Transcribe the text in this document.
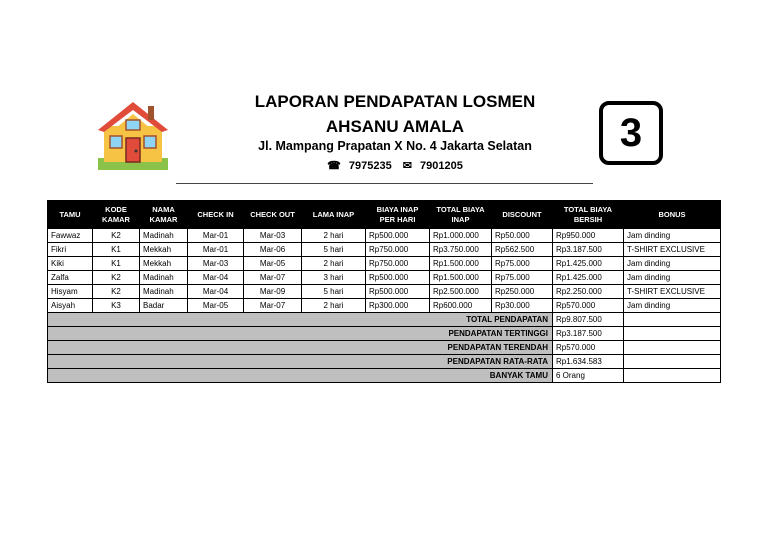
LAPORAN PENDAPATAN LOSMEN
AHSANU AMALA
Jl. Mampang Prapatan X No. 4 Jakarta Selatan
☎ 7975235 ✉ 7901205
3
TAMU	KODE KAMAR	NAMA KAMAR	CHECK IN	CHECK OUT	LAMA INAP	BIAYA INAP PER HARI	TOTAL BIAYA INAP	DISCOUNT	TOTAL BIAYA BERSIH	BONUS
Fawwaz	K2	Madinah	Mar-01	Mar-03	2 hari	Rp500.000	Rp1.000.000	Rp50.000	Rp950.000	Jam dinding
Fikri	K1	Mekkah	Mar-01	Mar-06	5 hari	Rp750.000	Rp3.750.000	Rp562.500	Rp3.187.500	T-SHIRT EXCLUSIVE
Kiki	K1	Mekkah	Mar-03	Mar-05	2 hari	Rp750.000	Rp1.500.000	Rp75.000	Rp1.425.000	Jam dinding
Zalfa	K2	Madinah	Mar-04	Mar-07	3 hari	Rp500.000	Rp1.500.000	Rp75.000	Rp1.425.000	Jam dinding
Hisyam	K2	Madinah	Mar-04	Mar-09	5 hari	Rp500.000	Rp2.500.000	Rp250.000	Rp2.250.000	T-SHIRT EXCLUSIVE
Aisyah	K3	Badar	Mar-05	Mar-07	2 hari	Rp300.000	Rp600.000	Rp30.000	Rp570.000	Jam dinding
TOTAL PENDAPATAN									Rp9.807.500	
PENDAPATAN TERTINGGI									Rp3.187.500	
PENDAPATAN TERENDAH									Rp570.000	
PENDAPATAN RATA-RATA									Rp1.634.583	
BANYAK TAMU									6 Orang	
